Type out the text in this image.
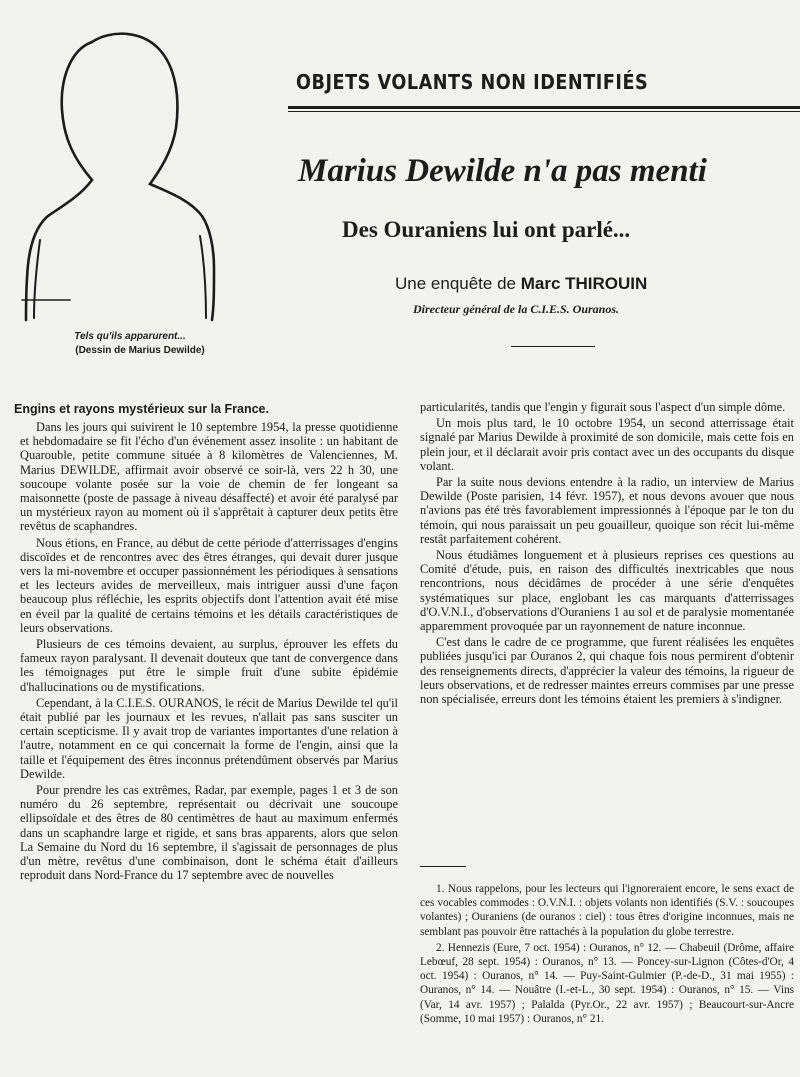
Tels qu'ils apparurent...
(Dessin de Marius Dewilde)
OBJETS VOLANTS NON IDENTIFIÉS
Marius Dewilde n'a pas menti
Des Ouraniens lui ont parlé...
Une enquête de Marc THIROUIN
Directeur général de la C.I.E.S. Ouranos.
Engins et rayons mystérieux sur la France.

Dans les jours qui suivirent le 10 septembre 1954, la presse quotidienne et hebdomadaire se fit l'écho d'un événement assez insolite : un habitant de Quarouble, petite commune située à 8 kilomètres de Valenciennes, M. Marius DEWILDE, affirmait avoir observé ce soir-là, vers 22 h 30, une soucoupe volante posée sur la voie de chemin de fer longeant sa maisonnette (poste de passage à niveau désaffecté) et avoir été paralysé par un mystérieux rayon au moment où il s'apprêtait à capturer deux petits être revêtus de scaphandres.

Nous étions, en France, au début de cette période d'atterrissages d'engins discoïdes et de rencontres avec des êtres étranges, qui devait durer jusque vers la mi-novembre et occuper passionnément les périodiques à sensations et les lecteurs avides de merveilleux, mais intriguer aussi d'une façon beaucoup plus réfléchie, les esprits objectifs dont l'attention avait été mise en éveil par la qualité de certains témoins et les détails caractéristiques de leurs observations.

Plusieurs de ces témoins devaient, au surplus, éprouver les effets du fameux rayon paralysant. Il devenait douteux que tant de convergence dans les témoignages put être le simple fruit d'une subite épidémie d'hallucinations ou de mystifications.

Cependant, à la C.I.E.S. OURANOS, le récit de Marius Dewilde tel qu'il était publié par les journaux et les revues, n'allait pas sans susciter un certain scepticisme. Il y avait trop de variantes importantes d'une relation à l'autre, notamment en ce qui concernait la forme de l'engin, ainsi que la taille et l'équipement des êtres inconnus prétendûment observés par Marius Dewilde.

Pour prendre les cas extrêmes, Radar, par exemple, pages 1 et 3 de son numéro du 26 septembre, représentait ou décrivait une soucoupe ellipsoïdale et des êtres de 80 centimètres de haut au maximum enfermés dans un scaphandre large et rigide, et sans bras apparents, alors que selon La Semaine du Nord du 16 septembre, il s'agissait de personnages de plus d'un mètre, revêtus d'une combinaison, dont le schéma était d'ailleurs reproduit dans Nord-France du 17 septembre avec de nouvelles

particularités, tandis que l'engin y figurait sous l'aspect d'un simple dôme.

Un mois plus tard, le 10 octobre 1954, un second atterrissage était signalé par Marius Dewilde à proximité de son domicile, mais cette fois en plein jour, et il déclarait avoir pris contact avec un des occupants du disque volant.

Par la suite nous devions entendre à la radio, un interview de Marius Dewilde (Poste parisien, 14 févr. 1957), et nous devons avouer que nous n'avions pas été très favorablement impressionnés à l'époque par le ton du témoin, qui nous paraissait un peu gouailleur, quoique son récit lui-même restât parfaitement cohérent.

Nous étudiâmes longuement et à plusieurs reprises ces questions au Comité d'étude, puis, en raison des difficultés inextricables que nous rencontrions, nous décidâmes de procéder à une série d'enquêtes systématiques sur place, englobant les cas marquants d'atterrissages d'O.V.N.I., d'observations d'Ouraniens 1 au sol et de paralysie momentanée apparemment provoquée par un rayonnement de nature inconnue.

C'est dans le cadre de ce programme, que furent réalisées les enquêtes publiées jusqu'ici par Ouranos 2, qui chaque fois nous permirent d'obtenir des renseignements directs, d'apprécier la valeur des témoins, la rigueur de leurs observations, et de redresser maintes erreurs commises par une presse non spécialisée, erreurs dont les témoins étaient les premiers à s'indigner.

1. Nous rappelons, pour les lecteurs qui l'ignoreraient encore, le sens exact de ces vocables commodes : O.V.N.I. : objets volants non identifiés (S.V. : soucoupes volantes) ; Ouraniens (de ouranos : ciel) : tous êtres d'origine inconnues, mais ne semblant pas pouvoir être rattachés à la population du globe terrestre.

2. Hennezis (Eure, 7 oct. 1954) : Ouranos, n° 12. — Chabeuil (Drôme, affaire Lebœuf, 28 sept. 1954) : Ouranos, n° 13. — Poncey-sur-Lignon (Côtes-d'Or, 4 oct. 1954) : Ouranos, n° 14. — Puy-Saint-Gulmier (P.-de-D., 31 mai 1955) : Ouranos, n° 14. — Nouâtre (I.-et-L., 30 sept. 1954) : Ouranos, n° 15. — Vins (Var, 14 avr. 1957) ; Palalda (Pyr.Or., 22 avr. 1957) ; Beaucourt-sur-Ancre (Somme, 10 mai 1957) : Ouranos, n° 21.
